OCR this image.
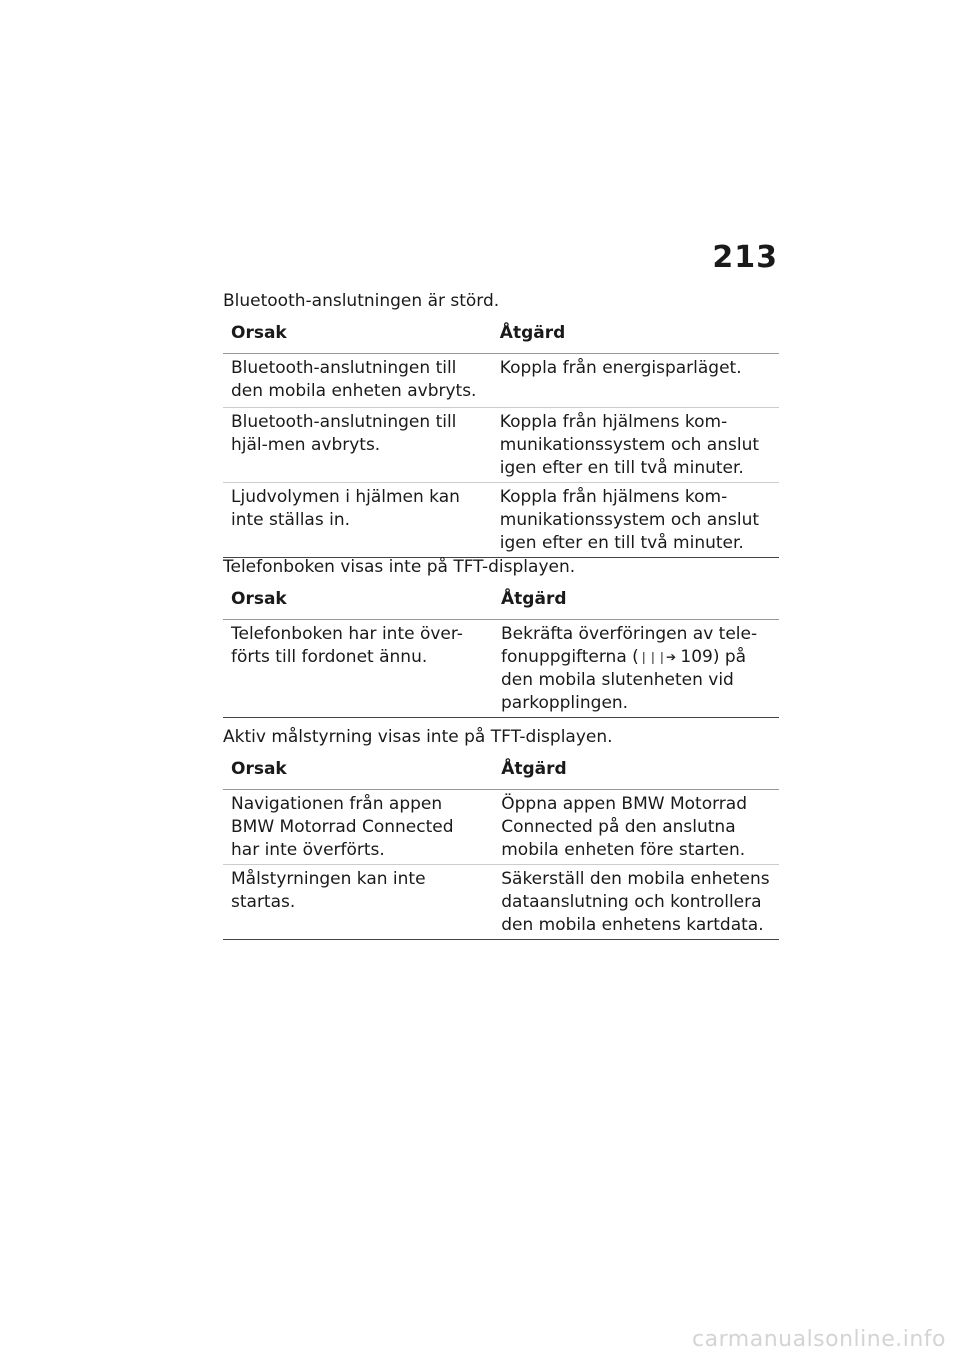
213
Bluetooth-anslutningen är störd.
Orsak	Åtgärd
Bluetooth-anslutningen till den mobila enheten avbryts.	Koppla från energisparläget.
Bluetooth-anslutningen till hjäl-men avbryts.	Koppla från hjälmens kom-munikationssystem och anslut igen efter en till två minuter.
Ljudvolymen i hjälmen kan inte ställas in.	Koppla från hjälmens kom-munikationssystem och anslut igen efter en till två minuter.
Telefonboken visas inte på TFT-displayen.
Orsak	Åtgärd
Telefonboken har inte över-förts till fordonet ännu.	Bekräfta överföringen av tele-fonuppgifterna (❘❘❘➔ 109) på den mobila slutenheten vid parkopplingen.
Aktiv målstyrning visas inte på TFT-displayen.
Orsak	Åtgärd
Navigationen från appen BMW Motorrad Connected har inte överförts.	Öppna appen BMW Motorrad Connected på den anslutna mobila enheten före starten.
Målstyrningen kan inte startas.	Säkerställ den mobila enhetens dataanslutning och kontrollera den mobila enhetens kartdata.
carmanualsonline.info
